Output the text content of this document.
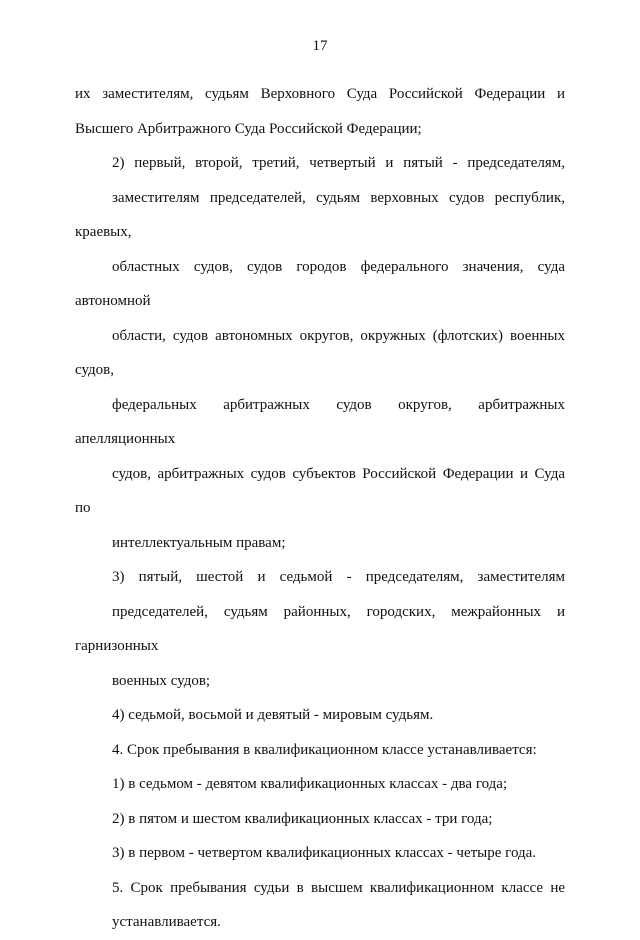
17

их заместителям, судьям Верховного Суда Российской Федерации и
Высшего Арбитражного Суда Российской Федерации;

2) первый, второй, третий, четвертый и пятый - председателям,
заместителям председателей, судьям верховных судов республик, краевых,
областных судов, судов городов федерального значения, суда автономной
области, судов автономных округов, окружных (флотских) военных судов,
федеральных арбитражных судов округов, арбитражных апелляционных
судов, арбитражных судов субъектов Российской Федерации и Суда по
интеллектуальным правам;

3) пятый, шестой и седьмой - председателям, заместителям
председателей, судьям районных, городских, межрайонных и гарнизонных
военных судов;

4) седьмой, восьмой и девятый - мировым судьям.

4. Срок пребывания в квалификационном классе устанавливается:

1) в седьмом - девятом квалификационных классах - два года;

2) в пятом и шестом квалификационных классах - три года;

3) в первом - четвертом квалификационных классах - четыре года.

5. Срок пребывания судьи в высшем квалификационном классе не
устанавливается.
